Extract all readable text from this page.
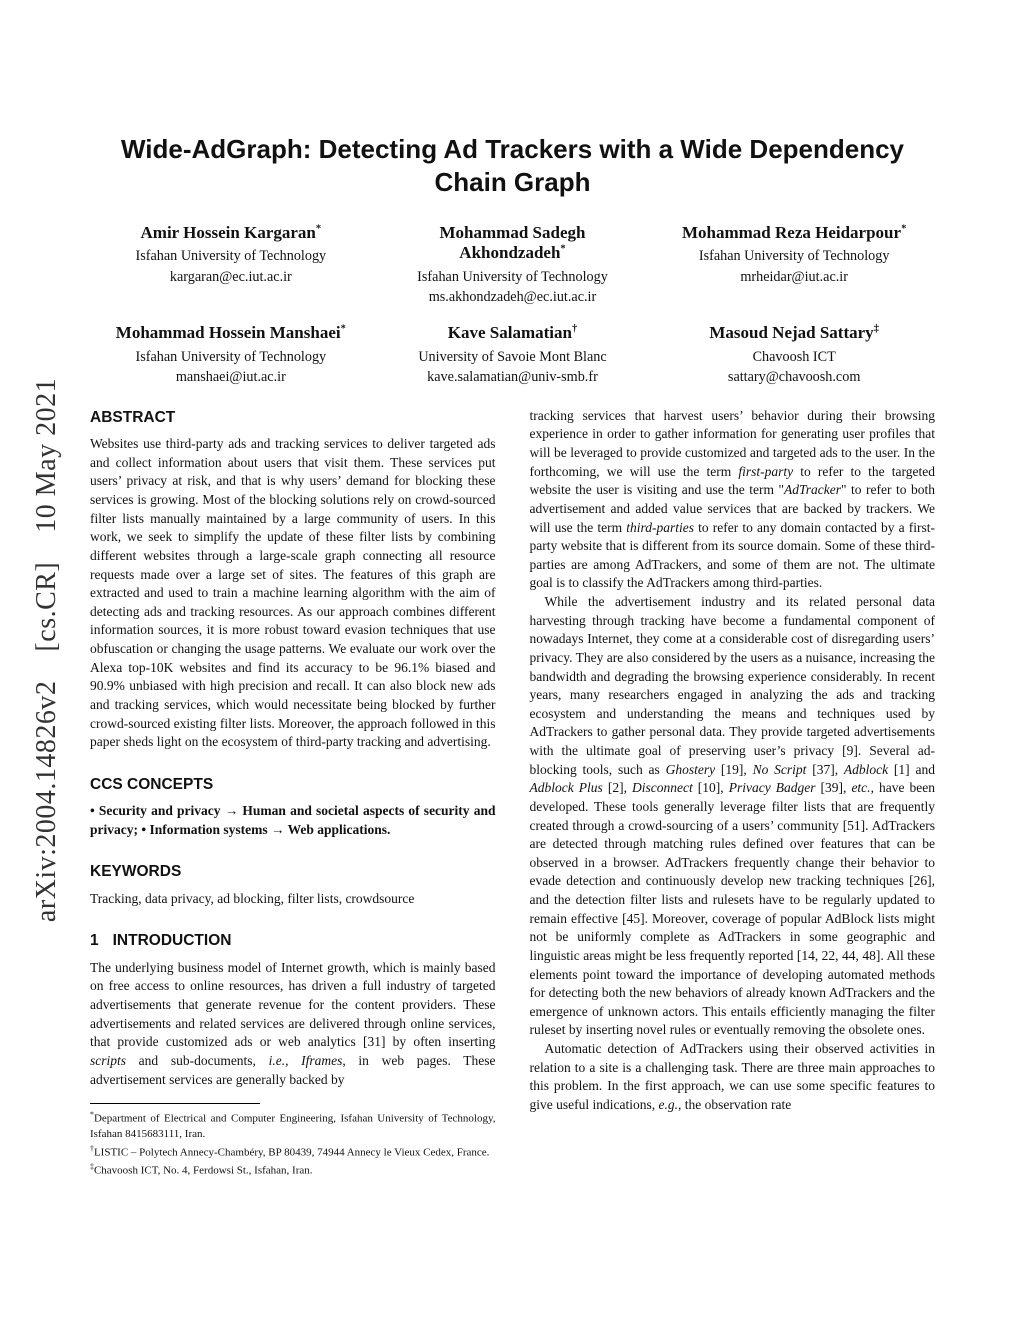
arXiv:2004.14826v2  [cs.CR]  10 May 2021
Wide-AdGraph: Detecting Ad Trackers with a Wide Dependency
Chain Graph
Amir Hossein Kargaran*
Isfahan University of Technology
kargaran@ec.iut.ac.ir
Mohammad Sadegh Akhondzadeh*
Isfahan University of Technology
ms.akhondzadeh@ec.iut.ac.ir
Mohammad Reza Heidarpour*
Isfahan University of Technology
mrheidar@iut.ac.ir
Mohammad Hossein Manshaei*
Isfahan University of Technology
manshaei@iut.ac.ir
Kave Salamatian†
University of Savoie Mont Blanc
kave.salamatian@univ-smb.fr
Masoud Nejad Sattary‡
Chavoosh ICT
sattary@chavoosh.com
ABSTRACT

Websites use third-party ads and tracking services to deliver targeted ads and collect information about users that visit them. These services put users’ privacy at risk, and that is why users’ demand for blocking these services is growing. Most of the blocking solutions rely on crowd-sourced filter lists manually maintained by a large community of users. In this work, we seek to simplify the update of these filter lists by combining different websites through a large-scale graph connecting all resource requests made over a large set of sites. The features of this graph are extracted and used to train a machine learning algorithm with the aim of detecting ads and tracking resources. As our approach combines different information sources, it is more robust toward evasion techniques that use obfuscation or changing the usage patterns. We evaluate our work over the Alexa top-10K websites and find its accuracy to be 96.1% biased and 90.9% unbiased with high precision and recall. It can also block new ads and tracking services, which would necessitate being blocked by further crowd-sourced existing filter lists. Moreover, the approach followed in this paper sheds light on the ecosystem of third-party tracking and advertising.

CCS CONCEPTS

• Security and privacy → Human and societal aspects of security and privacy; • Information systems → Web applications.

KEYWORDS

Tracking, data privacy, ad blocking, filter lists, crowdsource

1 INTRODUCTION

The underlying business model of Internet growth, which is mainly based on free access to online resources, has driven a full industry of targeted advertisements that generate revenue for the content providers. These advertisements and related services are delivered through online services, that provide customized ads or web analytics [31] by often inserting scripts and sub-documents, i.e., Iframes, in web pages. These advertisement services are generally backed by

*Department of Electrical and Computer Engineering, Isfahan University of Technology, Isfahan 8415683111, Iran.
†LISTIC – Polytech Annecy-Chambéry, BP 80439, 74944 Annecy le Vieux Cedex, France.
‡Chavoosh ICT, No. 4, Ferdowsi St., Isfahan, Iran.

tracking services that harvest users’ behavior during their browsing experience in order to gather information for generating user profiles that will be leveraged to provide customized and targeted ads to the user. In the forthcoming, we will use the term first-party to refer to the targeted website the user is visiting and use the term "AdTracker" to refer to both advertisement and added value services that are backed by trackers. We will use the term third-parties to refer to any domain contacted by a first-party website that is different from its source domain. Some of these third-parties are among AdTrackers, and some of them are not. The ultimate goal is to classify the AdTrackers among third-parties.

While the advertisement industry and its related personal data harvesting through tracking have become a fundamental component of nowadays Internet, they come at a considerable cost of disregarding users’ privacy. They are also considered by the users as a nuisance, increasing the bandwidth and degrading the browsing experience considerably. In recent years, many researchers engaged in analyzing the ads and tracking ecosystem and understanding the means and techniques used by AdTrackers to gather personal data. They provide targeted advertisements with the ultimate goal of preserving user’s privacy [9]. Several ad-blocking tools, such as Ghostery [19], No Script [37], Adblock [1] and Adblock Plus [2], Disconnect [10], Privacy Badger [39], etc., have been developed. These tools generally leverage filter lists that are frequently created through a crowd-sourcing of a users’ community [51]. AdTrackers are detected through matching rules defined over features that can be observed in a browser. AdTrackers frequently change their behavior to evade detection and continuously develop new tracking techniques [26], and the detection filter lists and rulesets have to be regularly updated to remain effective [45]. Moreover, coverage of popular AdBlock lists might not be uniformly complete as AdTrackers in some geographic and linguistic areas might be less frequently reported [14, 22, 44, 48]. All these elements point toward the importance of developing automated methods for detecting both the new behaviors of already known AdTrackers and the emergence of unknown actors. This entails efficiently managing the filter ruleset by inserting novel rules or eventually removing the obsolete ones.

Automatic detection of AdTrackers using their observed activities in relation to a site is a challenging task. There are three main approaches to this problem. In the first approach, we can use some specific features to give useful indications, e.g., the observation rate
